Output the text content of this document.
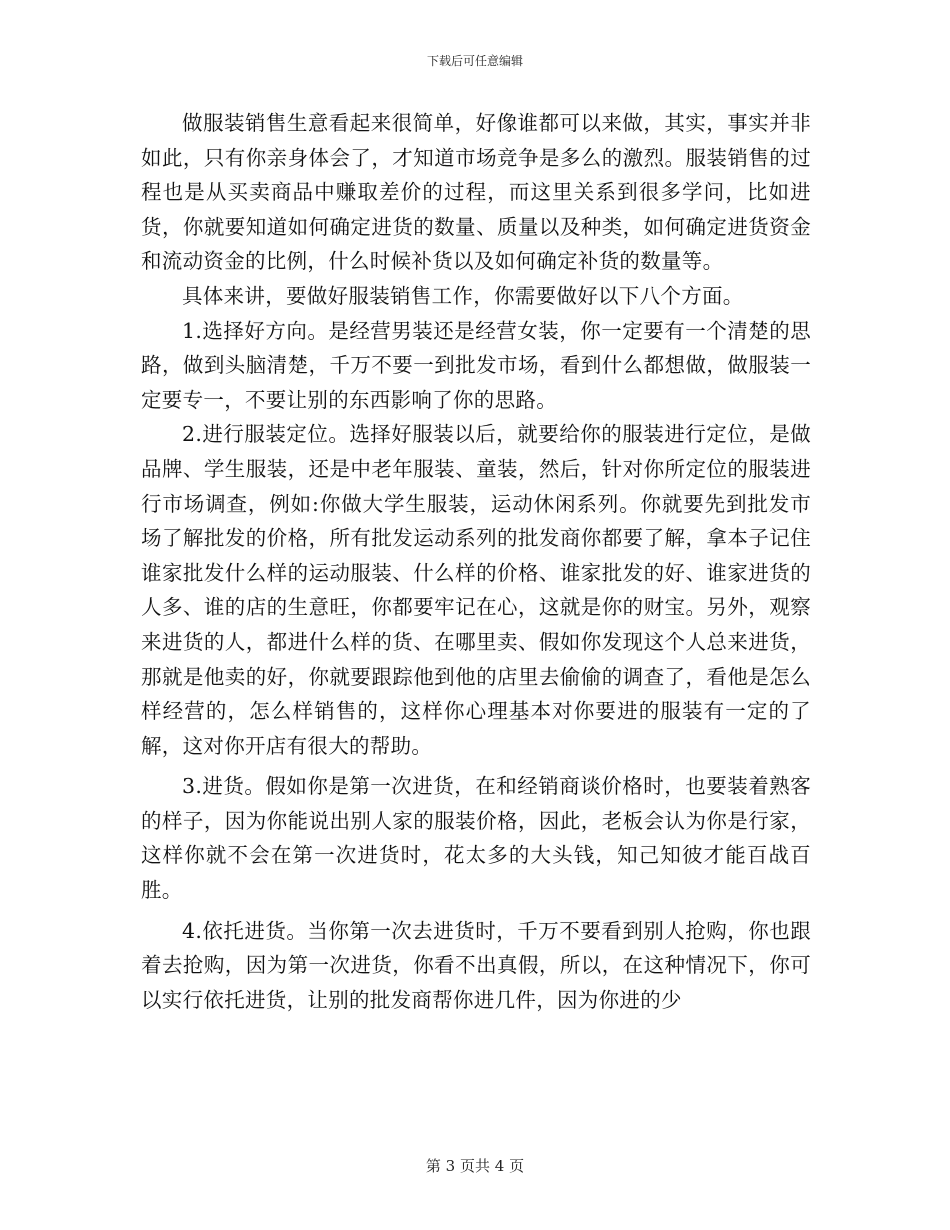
下载后可任意编辑

做服装销售生意看起来很简单，好像谁都可以来做，其实，事实并非如此，只有你亲身体会了，才知道市场竞争是多么的激烈。服装销售的过程也是从买卖商品中赚取差价的过程，而这里关系到很多学问，比如进货，你就要知道如何确定进货的数量、质量以及种类，如何确定进货资金和流动资金的比例，什么时候补货以及如何确定补货的数量等。

具体来讲，要做好服装销售工作，你需要做好以下八个方面。

1.选择好方向。是经营男装还是经营女装，你一定要有一个清楚的思路，做到头脑清楚，千万不要一到批发市场，看到什么都想做，做服装一定要专一，不要让别的东西影响了你的思路。

2.进行服装定位。选择好服装以后，就要给你的服装进行定位，是做品牌、学生服装，还是中老年服装、童装，然后，针对你所定位的服装进行市场调查，例如:你做大学生服装，运动休闲系列。你就要先到批发市场了解批发的价格，所有批发运动系列的批发商你都要了解，拿本子记住谁家批发什么样的运动服装、什么样的价格、谁家批发的好、谁家进货的人多、谁的店的生意旺，你都要牢记在心，这就是你的财宝。另外，观察来进货的人，都进什么样的货、在哪里卖、假如你发现这个人总来进货，那就是他卖的好，你就要跟踪他到他的店里去偷偷的调查了，看他是怎么样经营的，怎么样销售的，这样你心理基本对你要进的服装有一定的了解，这对你开店有很大的帮助。

3.进货。假如你是第一次进货，在和经销商谈价格时，也要装着熟客的样子，因为你能说出别人家的服装价格，因此，老板会认为你是行家，这样你就不会在第一次进货时，花太多的大头钱，知己知彼才能百战百胜。

4.依托进货。当你第一次去进货时，千万不要看到别人抢购，你也跟着去抢购，因为第一次进货，你看不出真假，所以，在这种情况下，你可以实行依托进货，让别的批发商帮你进几件，因为你进的少

第 3 页共 4 页
